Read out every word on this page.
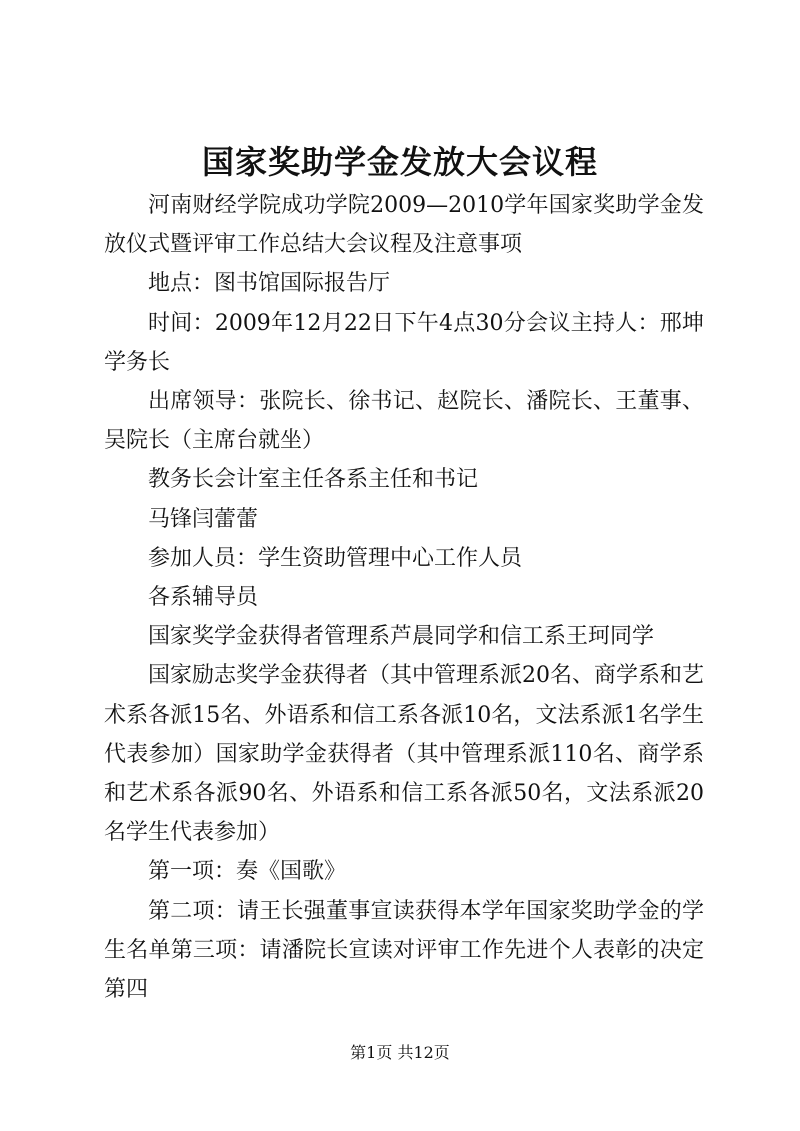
国家奖助学金发放大会议程

河南财经学院成功学院2009—2010学年国家奖助学金发放仪式暨评审工作总结大会议程及注意事项

地点：图书馆国际报告厅

时间：2009年12月22日下午4点30分会议主持人：邢坤学务长

出席领导：张院长、徐书记、赵院长、潘院长、王董事、吴院长（主席台就坐）

教务长会计室主任各系主任和书记

马锋闫蕾蕾

参加人员：学生资助管理中心工作人员

各系辅导员

国家奖学金获得者管理系芦晨同学和信工系王珂同学

国家励志奖学金获得者（其中管理系派20名、商学系和艺术系各派15名、外语系和信工系各派10名，文法系派1名学生代表参加）国家助学金获得者（其中管理系派110名、商学系和艺术系各派90名、外语系和信工系各派50名，文法系派20名学生代表参加）

第一项：奏《国歌》

第二项：请王长强董事宣读获得本学年国家奖助学金的学生名单第三项：请潘院长宣读对评审工作先进个人表彰的决定第四

第1页 共12页
